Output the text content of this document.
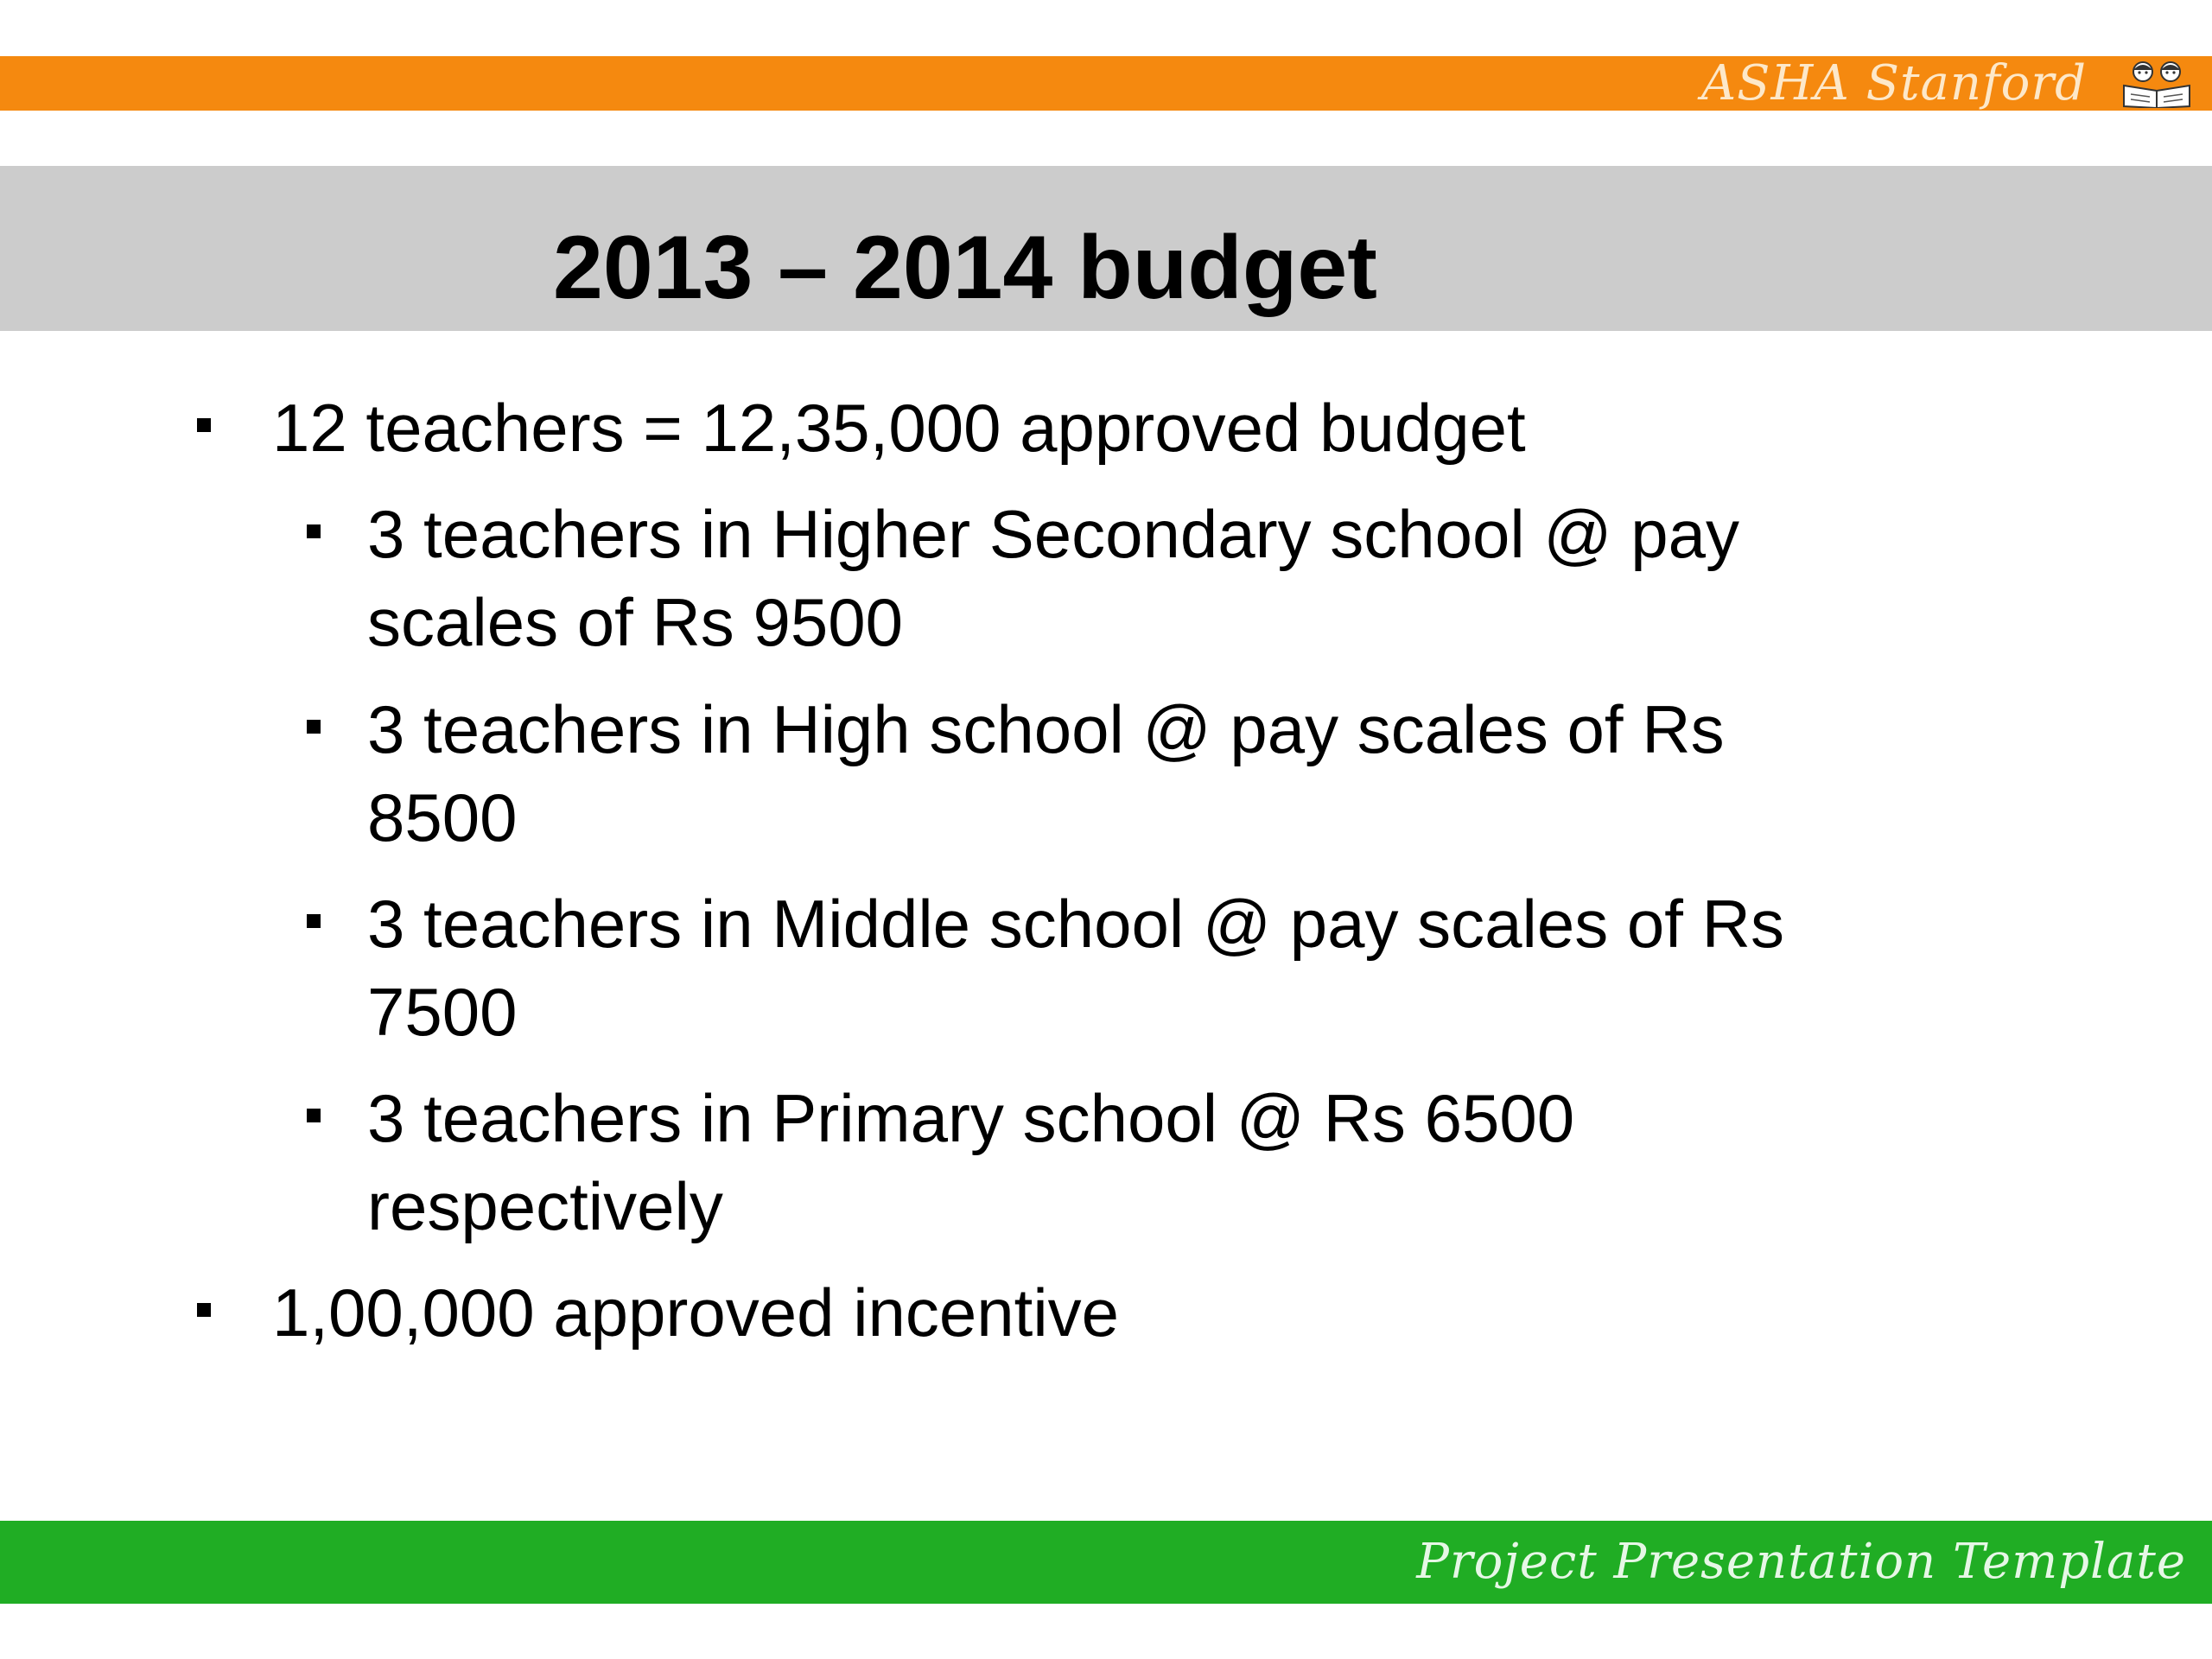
ASHA Stanford
2013 – 2014 budget

12 teachers = 12,35,000 approved budget

3 teachers in Higher Secondary school @ pay

scales of Rs 9500

3 teachers in High school @ pay scales of Rs

8500

3 teachers in Middle school @ pay scales of Rs

7500

3 teachers in Primary school @ Rs 6500

respectively

1,00,000 approved incentive

Project Presentation Template
